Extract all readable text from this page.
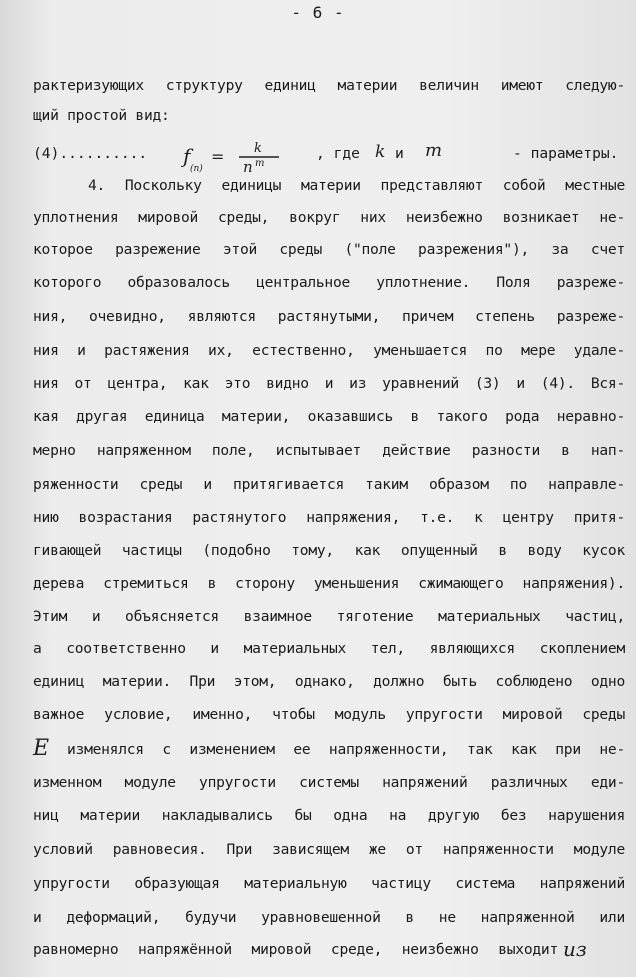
- 6 -
рактеризующих структуру единиц материи величин имеют следую-
щий простой вид:
(4).......... ƒ
(n)
= k
n m
, где k и m	- параметры.
4. Поскольку единицы материи представляют собой местные
уплотнения мировой среды, вокруг них неизбежно возникает не-
которое разрежение этой среды ("поле разрежения"), за счет
которого образовалось центральное уплотнение. Поля разреже-
ния, очевидно, являются растянутыми, причем степень разреже-
ния и растяжения их, естественно, уменьшается по мере удале-
ния от центра, как это видно и из уравнений (3) и (4). Вся-
кая другая единица материи, оказавшись в такого рода неравно-
мерно напряженном поле, испытывает действие разности в нап-
ряженности среды и притягивается таким образом по направле-
нию возрастания растянутого напряжения, т.е. к центру притя-
гивающей частицы (подобно тому, как опущенный в воду кусок
дерева стремиться в сторону уменьшения сжимающего напряжения).
Этим и объясняется взаимное тяготение материальных частиц,
а соответственно и материальных тел, являющихся скоплением
единиц материи. При этом, однако, должно быть соблюдено одно
важное условие, именно, чтобы модуль упругости мировой среды
E изменялся с изменением ее напряженности, так как при не-
изменном модуле упругости системы напряжений различных еди-
ниц материи накладывались бы одна на другую без нарушения
условий равновесия. При зависящем же от напряженности модуле
упругости образующая материальную частицу система напряжений
и деформаций, будучи уравновешенной в не напряженной или
равномерно напряжённой мировой среде, неизбежно выходит из
